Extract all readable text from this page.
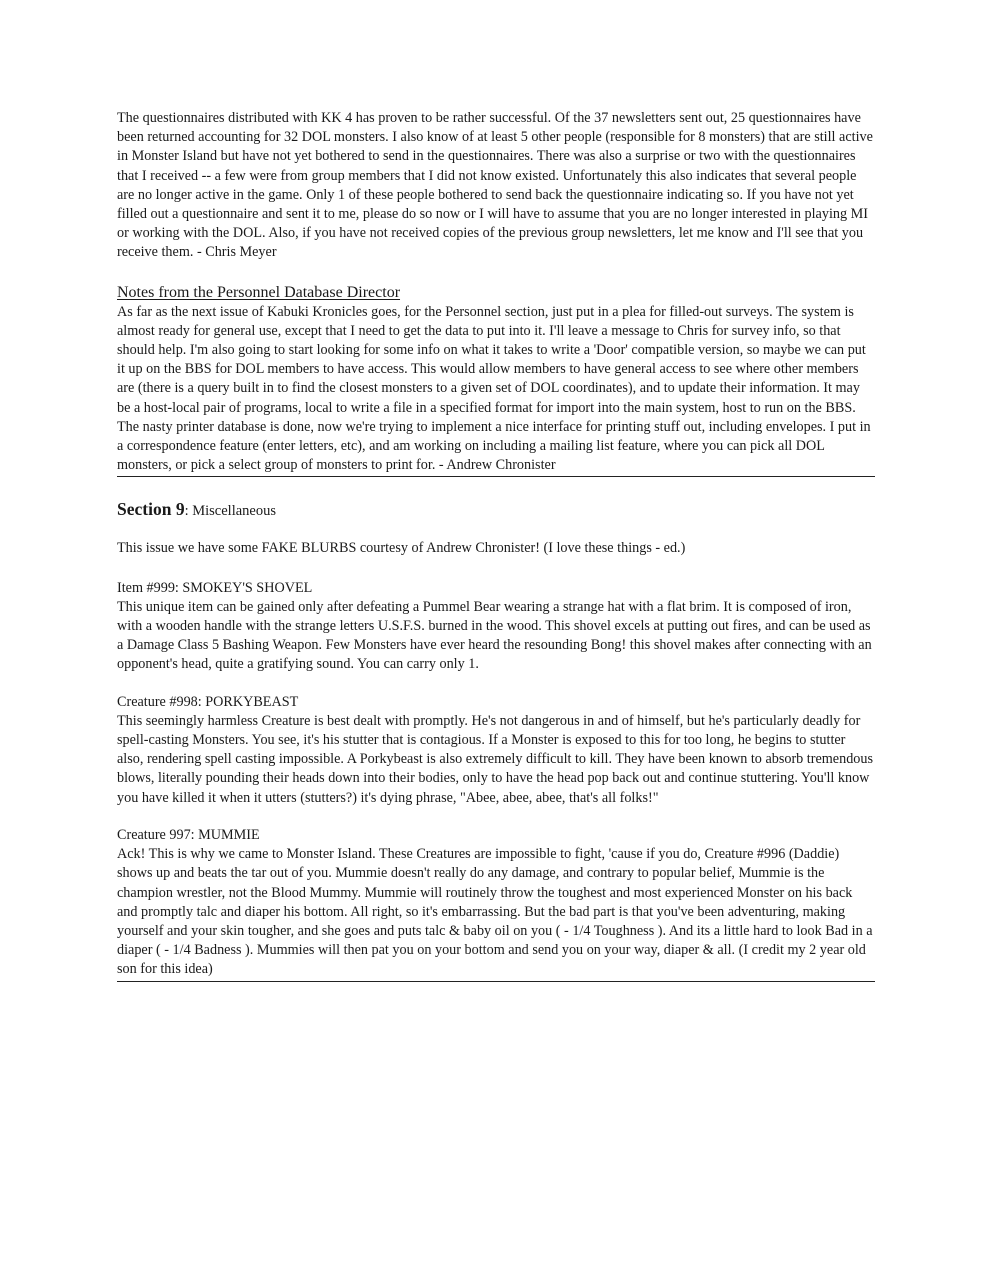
The questionnaires distributed with KK 4 has proven to be rather successful. Of the 37 newsletters sent out, 25 questionnaires have been returned accounting for 32 DOL monsters. I also know of at least 5 other people (responsible for 8 monsters) that are still active in Monster Island but have not yet bothered to send in the questionnaires. There was also a surprise or two with the questionnaires that I received -- a few were from group members that I did not know existed. Unfortunately this also indicates that several people are no longer active in the game. Only 1 of these people bothered to send back the questionnaire indicating so. If you have not yet filled out a questionnaire and sent it to me, please do so now or I will have to assume that you are no longer interested in playing MI or working with the DOL. Also, if you have not received copies of the previous group newsletters, let me know and I'll see that you receive them. - Chris Meyer

Notes from the Personnel Database Director

As far as the next issue of Kabuki Kronicles goes, for the Personnel section, just put in a plea for filled-out surveys. The system is almost ready for general use, except that I need to get the data to put into it. I'll leave a message to Chris for survey info, so that should help. I'm also going to start looking for some info on what it takes to write a 'Door' compatible version, so maybe we can put it up on the BBS for DOL members to have access. This would allow members to have general access to see where other members are (there is a query built in to find the closest monsters to a given set of DOL coordinates), and to update their information. It may be a host-local pair of programs, local to write a file in a specified format for import into the main system, host to run on the BBS. The nasty printer database is done, now we're trying to implement a nice interface for printing stuff out, including envelopes. I put in a correspondence feature (enter letters, etc), and am working on including a mailing list feature, where you can pick all DOL monsters, or pick a select group of monsters to print for. - Andrew Chronister

Section 9: Miscellaneous

This issue we have some FAKE BLURBS courtesy of Andrew Chronister! (I love these things - ed.)

Item #999: SMOKEY'S SHOVEL

This unique item can be gained only after defeating a Pummel Bear wearing a strange hat with a flat brim. It is composed of iron, with a wooden handle with the strange letters U.S.F.S. burned in the wood. This shovel excels at putting out fires, and can be used as a Damage Class 5 Bashing Weapon. Few Monsters have ever heard the resounding Bong! this shovel makes after connecting with an opponent's head, quite a gratifying sound. You can carry only 1.

Creature #998: PORKYBEAST

This seemingly harmless Creature is best dealt with promptly. He's not dangerous in and of himself, but he's particularly deadly for spell-casting Monsters. You see, it's his stutter that is contagious. If a Monster is exposed to this for too long, he begins to stutter also, rendering spell casting impossible. A Porkybeast is also extremely difficult to kill. They have been known to absorb tremendous blows, literally pounding their heads down into their bodies, only to have the head pop back out and continue stuttering. You'll know you have killed it when it utters (stutters?) it's dying phrase, "Abee, abee, abee, that's all folks!"

Creature 997: MUMMIE

Ack! This is why we came to Monster Island. These Creatures are impossible to fight, 'cause if you do, Creature #996 (Daddie) shows up and beats the tar out of you. Mummie doesn't really do any damage, and contrary to popular belief, Mummie is the champion wrestler, not the Blood Mummy. Mummie will routinely throw the toughest and most experienced Monster on his back and promptly talc and diaper his bottom. All right, so it's embarrassing. But the bad part is that you've been adventuring, making yourself and your skin tougher, and she goes and puts talc & baby oil on you ( - 1/4 Toughness ). And its a little hard to look Bad in a diaper ( - 1/4 Badness ). Mummies will then pat you on your bottom and send you on your way, diaper & all. (I credit my 2 year old son for this idea)
